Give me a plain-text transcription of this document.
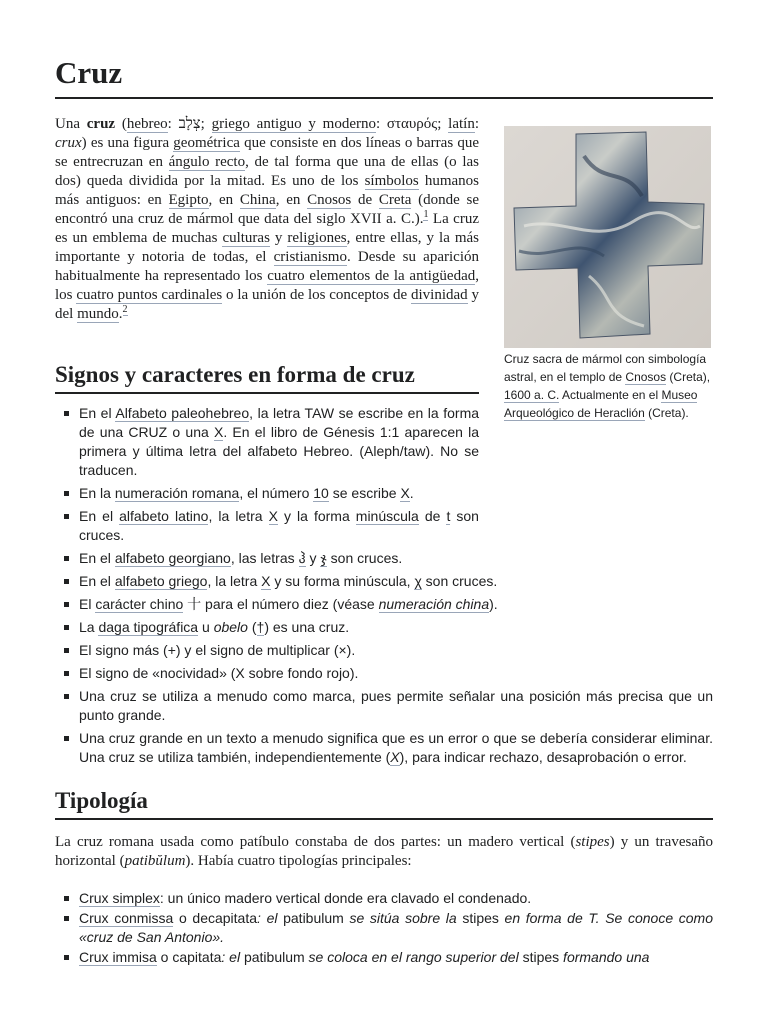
Cruz
Una cruz (hebreo: צְלָב; griego antiguo y moderno: σταυρός; latín: crux) es una figura geométrica que consiste en dos líneas o barras que se entrecruzan en ángulo recto, de tal forma que una de ellas (o las dos) queda dividida por la mitad. Es uno de los símbolos humanos más antiguos: en Egipto, en China, en Cnosos de Creta (donde se encontró una cruz de mármol que data del siglo XVII a. C.).$^1$ La cruz es un emblema de muchas culturas y religiones, entre ellas, y la más importante y notoria de todas, el cristianismo. Desde su aparición habitualmente ha representado los cuatro elementos de la antigüedad, los cuatro puntos cardinales o la unión de los conceptos de divinidad y del mundo.$^2$
Cruz sacra de mármol con simbología astral, en el templo de Cnosos (Creta), 1600 a. C. Actualmente en el Museo Arqueológico de Heraclión (Creta).
Signos y caracteres en forma de cruz
En el Alfabeto paleohebreo, la letra TAW se escribe en la forma de una CRUZ o una X. En el libro de Génesis 1:1 aparecen la primera y última letra del alfabeto Hebreo. (Aleph/taw). No se traducen.
En la numeración romana, el número 10 se escribe X.
En el alfabeto latino, la letra X y la forma minúscula de t son cruces.
En el alfabeto georgiano, las letras ჰ y ჯ son cruces.
En el alfabeto griego, la letra X y su forma minúscula, χ son cruces.
El carácter chino 十 para el número diez (véase numeración china).
La daga tipográfica u obelo (†) es una cruz.
El signo más (+) y el signo de multiplicar (×).
El signo de «nocividad» (X sobre fondo rojo).
Una cruz se utiliza a menudo como marca, pues permite señalar una posición más precisa que un punto grande.
Una cruz grande en un texto a menudo significa que es un error o que se debería considerar eliminar. Una cruz se utiliza también, independientemente (X), para indicar rechazo, desaprobación o error.
Tipología
La cruz romana usada como patíbulo constaba de dos partes: un madero vertical (stipes) y un travesaño horizontal (patibŭlum). Había cuatro tipologías principales:
Crux simplex: un único madero vertical donde era clavado el condenado.
Crux conmissa o decapitata: el patibulum se sitúa sobre la stipes en forma de T. Se conoce como «cruz de San Antonio».
Crux immisa o capitata: el patibulum se coloca en el rango superior del stipes formando una
